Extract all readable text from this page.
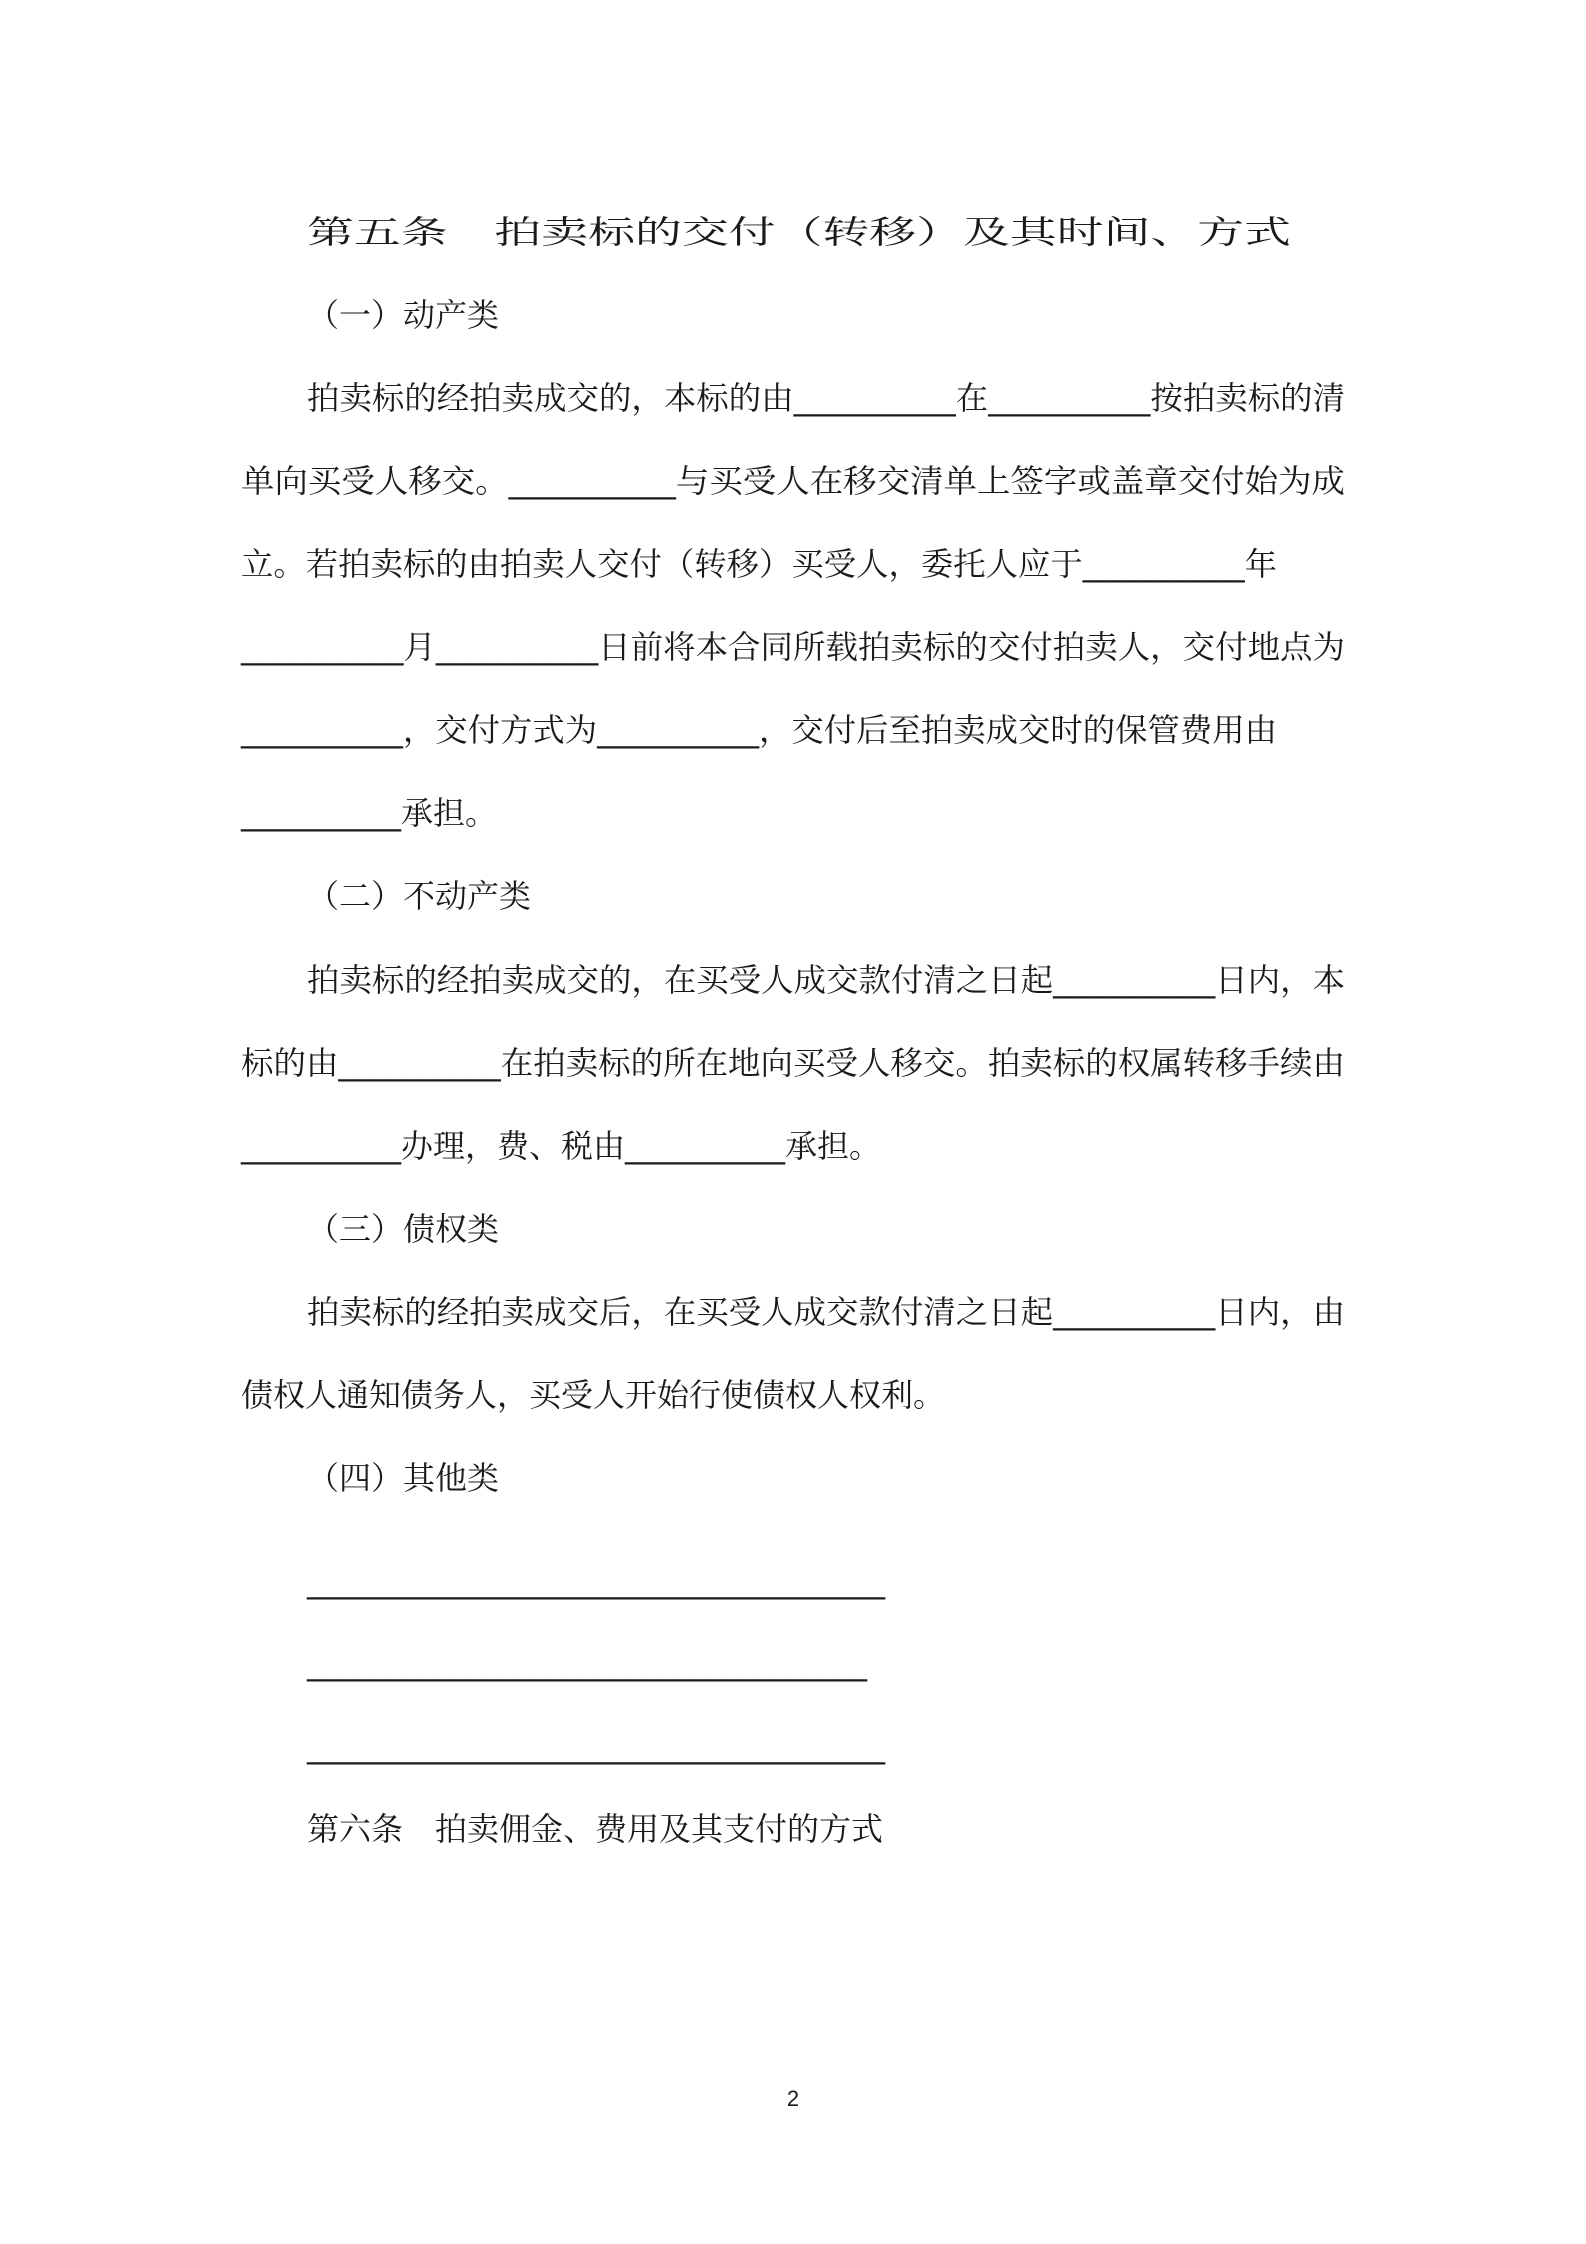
第五条　拍卖标的交付（转移）及其时间、方式
（一）动产类
拍卖标的经拍卖成交的，本标的由__________在__________按拍卖标的清
单向买受人移交。__________与买受人在移交清单上签字或盖章交付始为成
立。若拍卖标的由拍卖人交付（转移）买受人，委托人应于__________年
__________月__________日前将本合同所载拍卖标的交付拍卖人，交付地点为
__________，交付方式为__________，交付后至拍卖成交时的保管费用由
__________承担。
（二）不动产类
拍卖标的经拍卖成交的，在买受人成交款付清之日起__________日内，本
标的由__________在拍卖标的所在地向买受人移交。拍卖标的权属转移手续由
__________办理，费、税由__________承担。
（三）债权类
拍卖标的经拍卖成交后，在买受人成交款付清之日起__________日内，由
债权人通知债务人，买受人开始行使债权人权利。
（四）其他类
____________________________________
___________________________________
____________________________________
第六条　拍卖佣金、费用及其支付的方式
2
